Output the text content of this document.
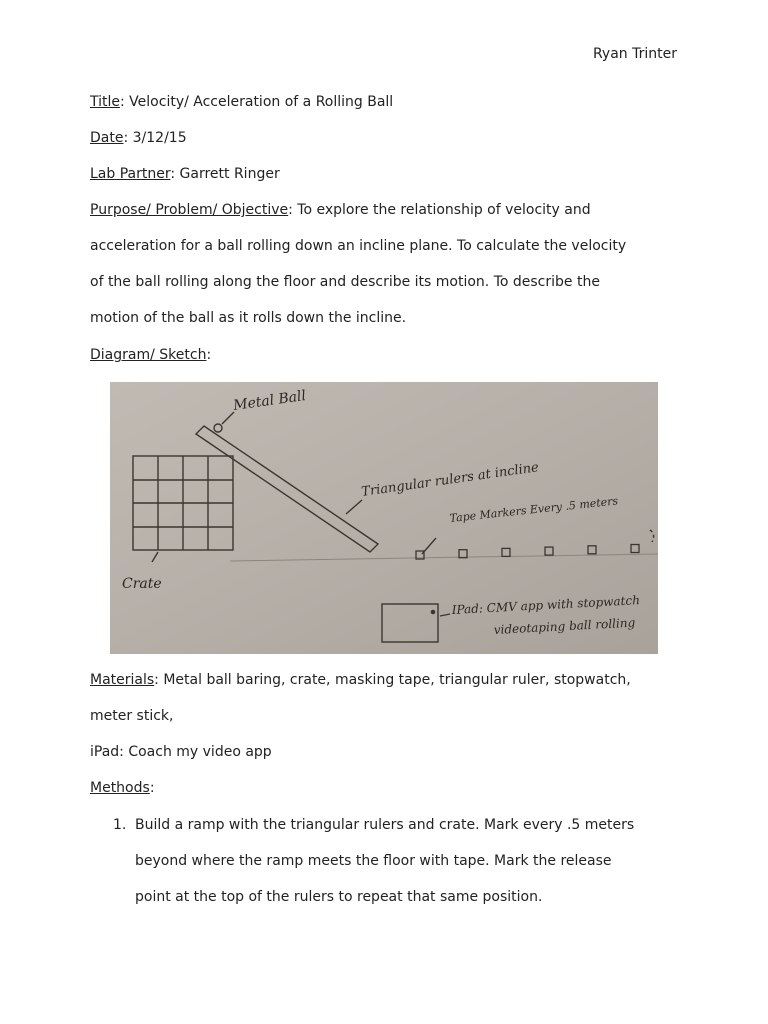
Ryan Trinter
Title: Velocity/ Acceleration of a Rolling Ball
Date: 3/12/15
Lab Partner: Garrett Ringer
Purpose/ Problem/ Objective: To explore the relationship of velocity and
acceleration for a ball rolling down an incline plane. To calculate the velocity
of the ball rolling along the floor and describe its motion. To describe the
motion of the ball as it rolls down the incline.
Diagram/ Sketch:
Metal Ball
Triangular rulers at incline
Tape Markers Every .5 meters
Crate
IPad: CMV app with stopwatch
videotaping ball rolling
Materials: Metal ball baring, crate, masking tape, triangular ruler, stopwatch,
meter stick,
iPad: Coach my video app
Methods:
1. Build a ramp with the triangular rulers and crate. Mark every .5 meters
beyond where the ramp meets the floor with tape. Mark the release
point at the top of the rulers to repeat that same position.
